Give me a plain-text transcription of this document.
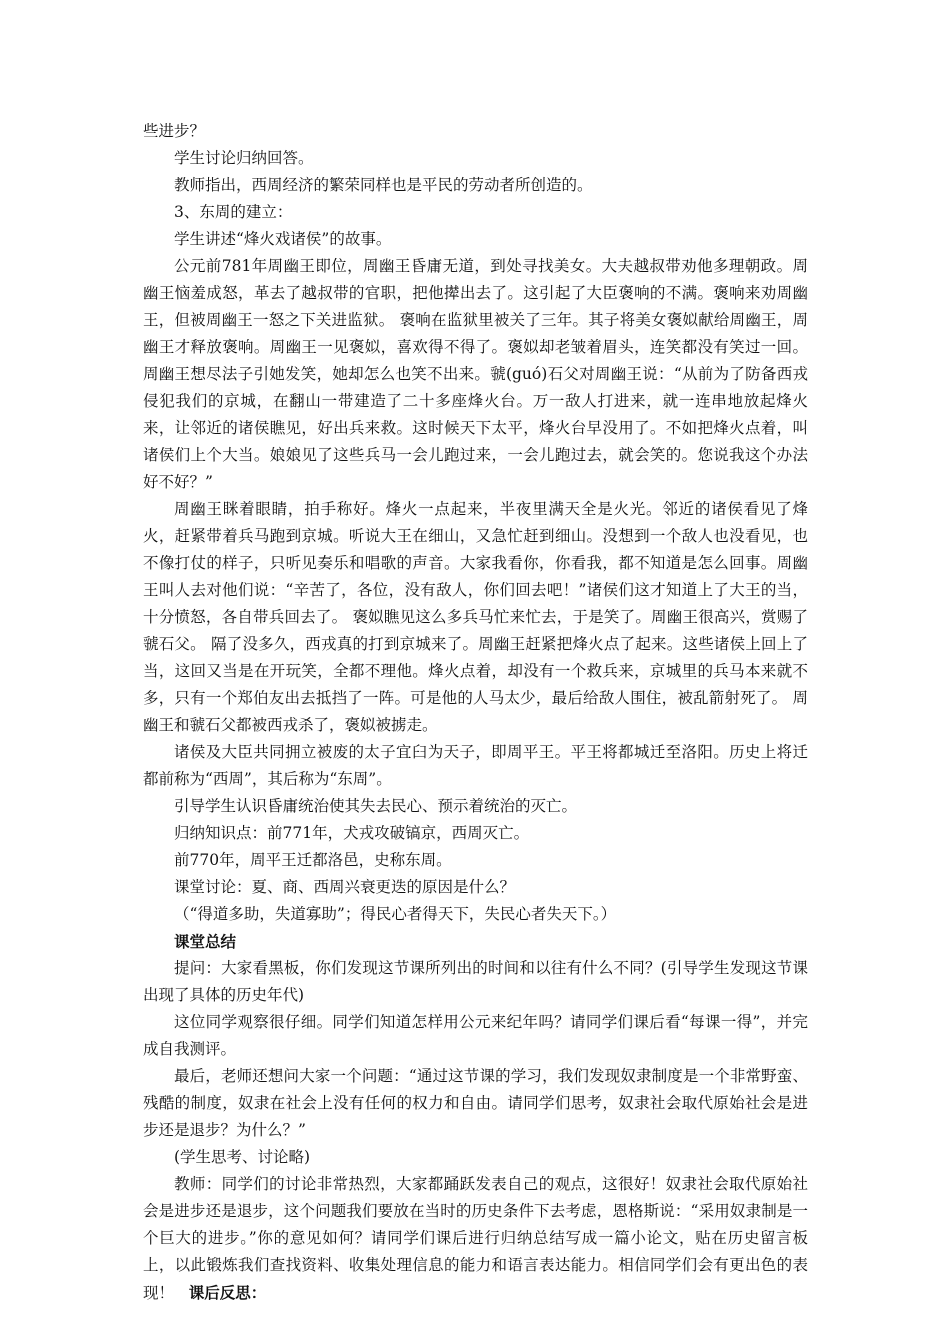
些进步？

学生讨论归纳回答。

教师指出，西周经济的繁荣同样也是平民的劳动者所创造的。

3、东周的建立：

学生讲述“烽火戏诸侯”的故事。

公元前781年周幽王即位，周幽王昏庸无道，到处寻找美女。大夫越叔带劝他多理朝政。周幽王恼羞成怒，革去了越叔带的官职，把他撵出去了。这引起了大臣褒响的不满。褒响来劝周幽王，但被周幽王一怒之下关进监狱。 褒响在监狱里被关了三年。其子将美女褒姒献给周幽王，周幽王才释放褒响。周幽王一见褒姒，喜欢得不得了。褒姒却老皱着眉头，连笑都没有笑过一回。周幽王想尽法子引她发笑，她却怎么也笑不出来。虢(guó)石父对周幽王说：“从前为了防备西戎侵犯我们的京城，在翻山一带建造了二十多座烽火台。万一敌人打进来，就一连串地放起烽火来，让邻近的诸侯瞧见，好出兵来救。这时候天下太平，烽火台早没用了。不如把烽火点着，叫诸侯们上个大当。娘娘见了这些兵马一会儿跑过来，一会儿跑过去，就会笑的。您说我这个办法好不好？”

周幽王眯着眼睛，拍手称好。烽火一点起来，半夜里满天全是火光。邻近的诸侯看见了烽火，赶紧带着兵马跑到京城。听说大王在细山，又急忙赶到细山。没想到一个敌人也没看见，也不像打仗的样子，只听见奏乐和唱歌的声音。大家我看你，你看我，都不知道是怎么回事。周幽王叫人去对他们说：“辛苦了，各位，没有敌人，你们回去吧！”诸侯们这才知道上了大王的当，十分愤怒，各自带兵回去了。 褒姒瞧见这么多兵马忙来忙去，于是笑了。周幽王很高兴，赏赐了虢石父。 隔了没多久，西戎真的打到京城来了。周幽王赶紧把烽火点了起来。这些诸侯上回上了当，这回又当是在开玩笑，全都不理他。烽火点着，却没有一个救兵来，京城里的兵马本来就不多，只有一个郑伯友出去抵挡了一阵。可是他的人马太少，最后给敌人围住，被乱箭射死了。 周幽王和虢石父都被西戎杀了，褒姒被掳走。

诸侯及大臣共同拥立被废的太子宜臼为天子，即周平王。平王将都城迁至洛阳。历史上将迁都前称为“西周”，其后称为“东周”。

引导学生认识昏庸统治使其失去民心、预示着统治的灭亡。

归纳知识点：前771年，犬戎攻破镐京，西周灭亡。

前770年，周平王迁都洛邑，史称东周。

课堂讨论：夏、商、西周兴衰更迭的原因是什么？

（“得道多助，失道寡助”；得民心者得天下，失民心者失天下。）

课堂总结

提问：大家看黑板，你们发现这节课所列出的时间和以往有什么不同？(引导学生发现这节课出现了具体的历史年代)

这位同学观察很仔细。同学们知道怎样用公元来纪年吗？请同学们课后看“每课一得”，并完成自我测评。

最后，老师还想问大家一个问题：“通过这节课的学习，我们发现奴隶制度是一个非常野蛮、残酷的制度，奴隶在社会上没有任何的权力和自由。请同学们思考，奴隶社会取代原始社会是进步还是退步？为什么？”

(学生思考、讨论略)

教师：同学们的讨论非常热烈，大家都踊跃发表自己的观点，这很好！奴隶社会取代原始社会是进步还是退步，这个问题我们要放在当时的历史条件下去考虑，恩格斯说：“采用奴隶制是一个巨大的进步。”你的意见如何？请同学们课后进行归纳总结写成一篇小论文，贴在历史留言板上，以此锻炼我们查找资料、收集处理信息的能力和语言表达能力。相信同学们会有更出色的表现！ 课后反思：
